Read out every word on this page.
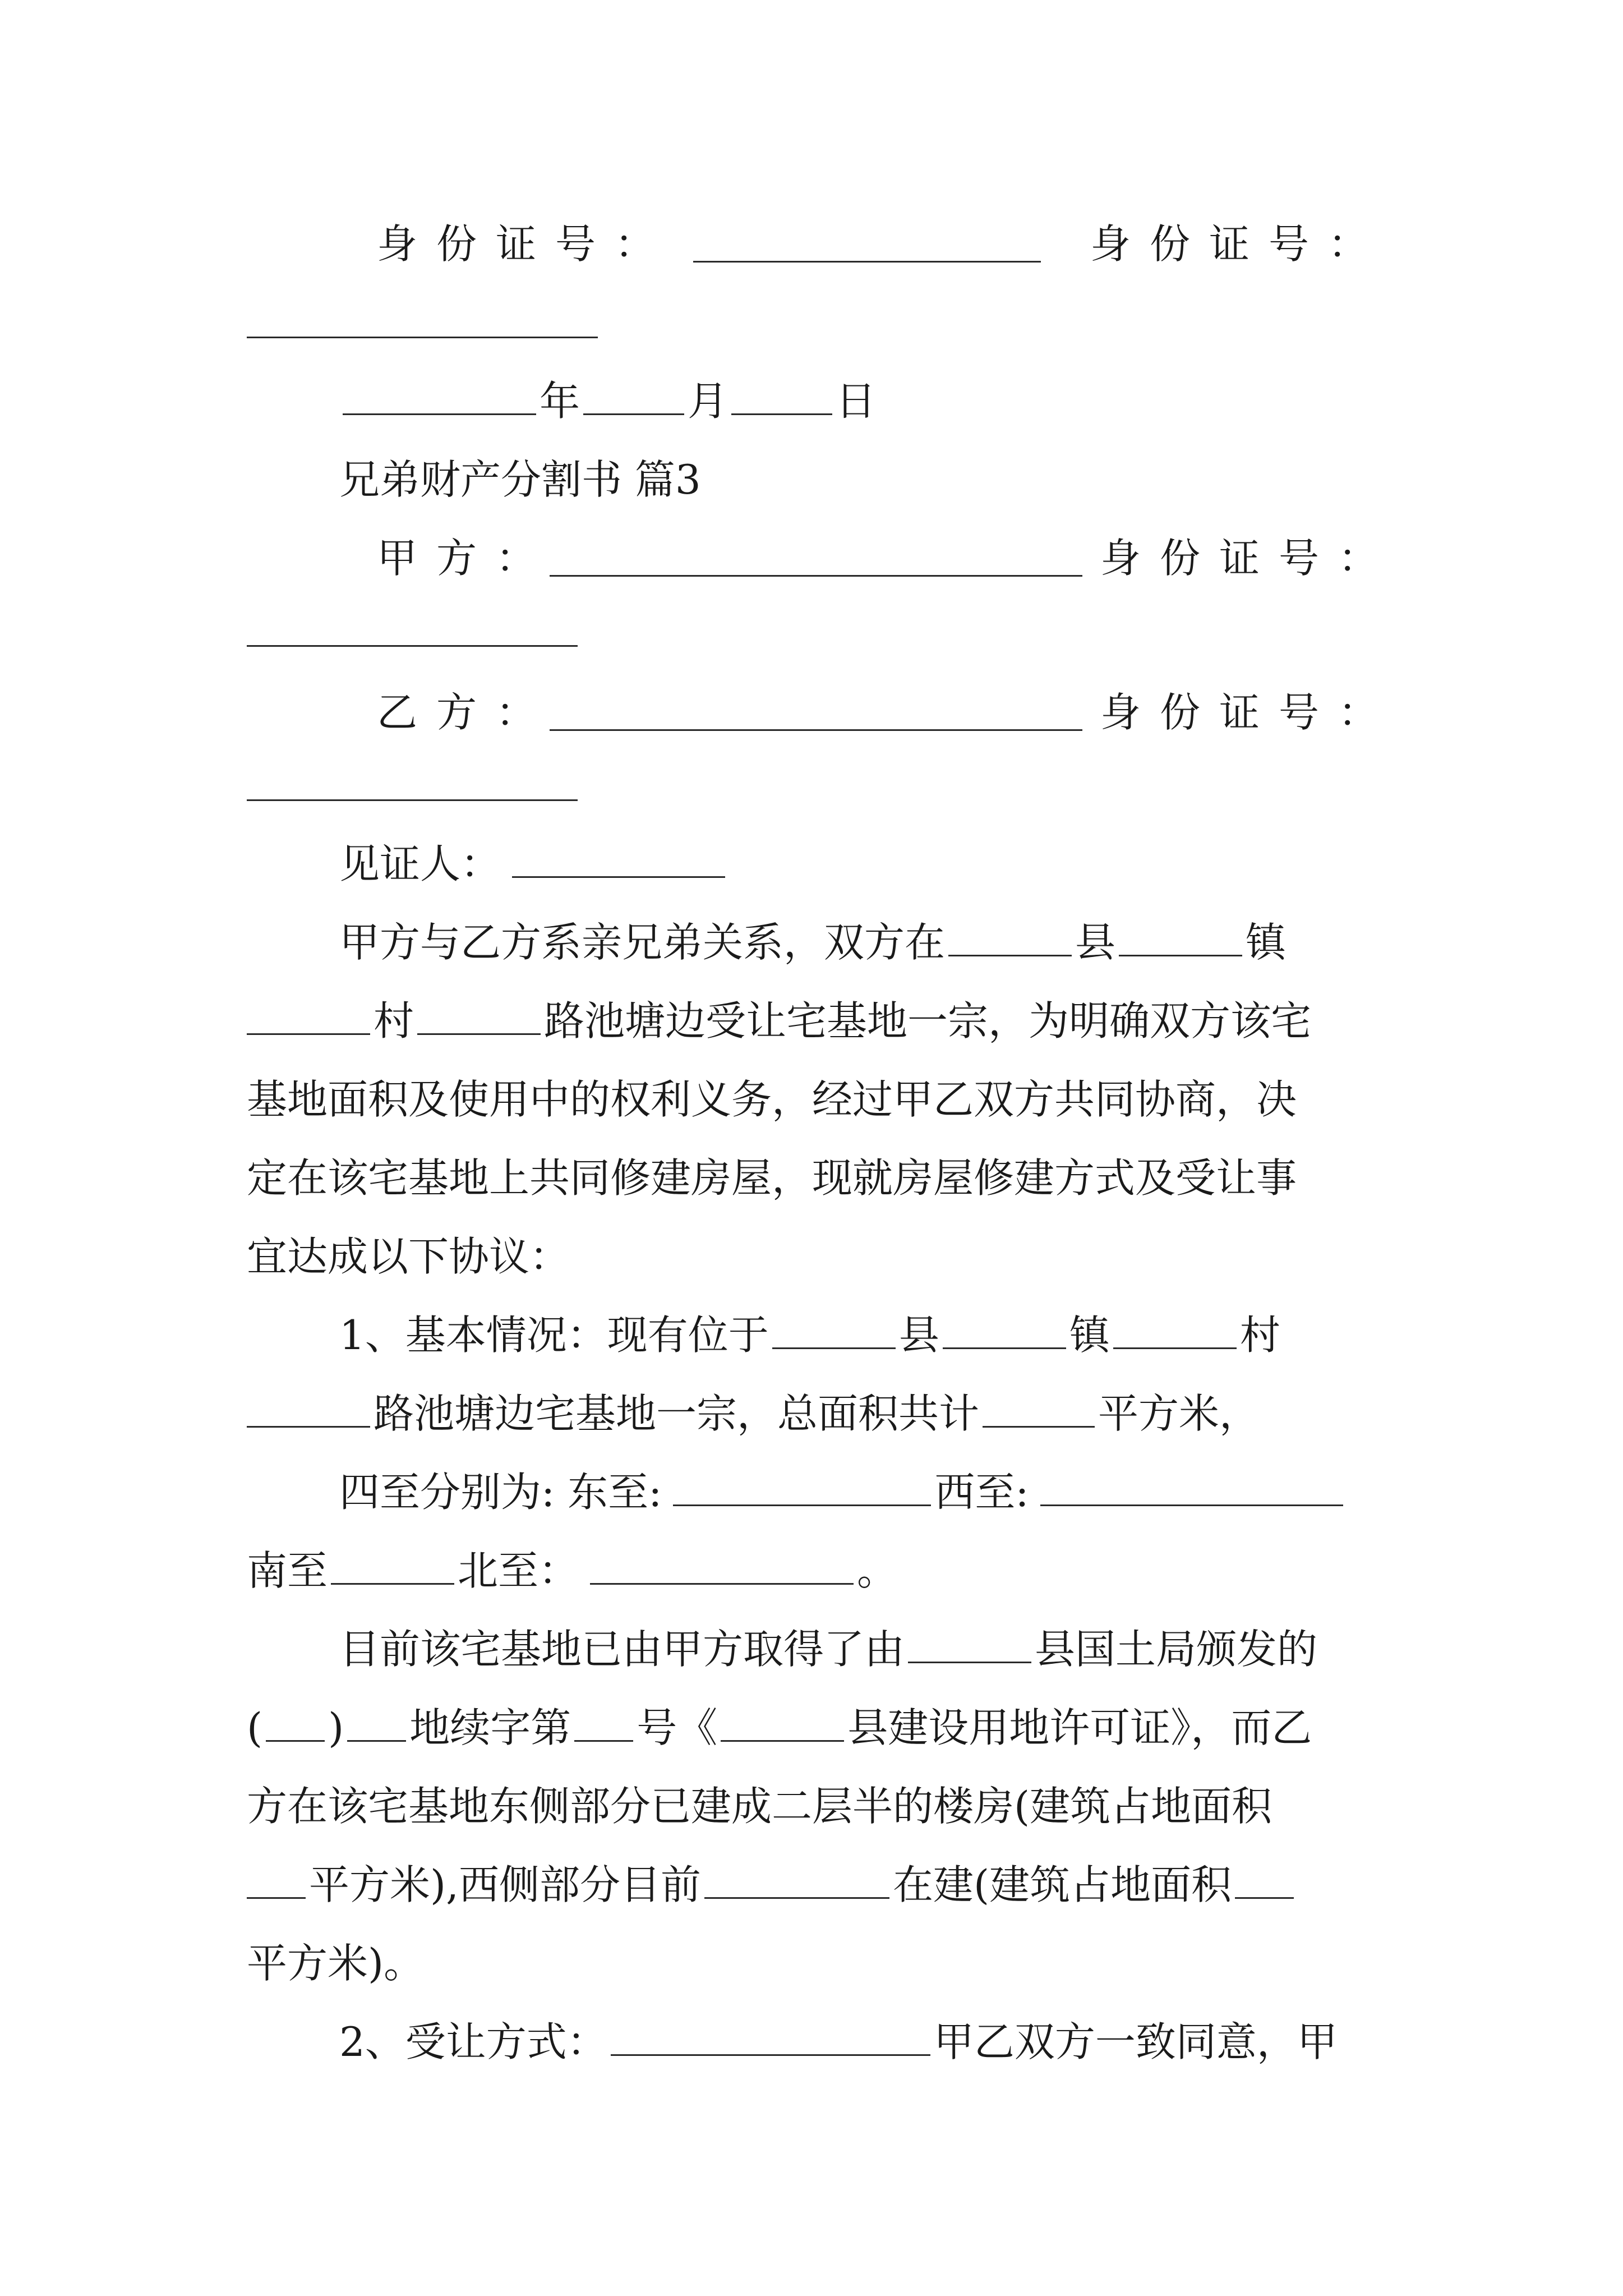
身份证号：	身份证号：
年	月	日
兄弟财产分割书 篇3
甲方：	身份证号：
乙方：	身份证号：
见证人：
甲方与乙方系亲兄弟关系，双方在	县	镇
村	路池塘边受让宅基地一宗，为明确双方该宅
基地面积及使用中的权利义务，经过甲乙双方共同协商，决
定在该宅基地上共同修建房屋，现就房屋修建方式及受让事
宜达成以下协议：
1、基本情况：现有位于	县	镇	村
路池塘边宅基地一宗，总面积共计	平方米，
四至分别为: 东至:	西至:
南至	北至：	。
目前该宅基地已由甲方取得了由	县国土局颁发的
( ) 地续字第 号《	县建设用地许可证》，而乙
方在该宅基地东侧部分已建成二层半的楼房(建筑占地面积
平方米),西侧部分目前	在建(建筑占地面积
平方米)。
2、受让方式：	甲乙双方一致同意，甲
